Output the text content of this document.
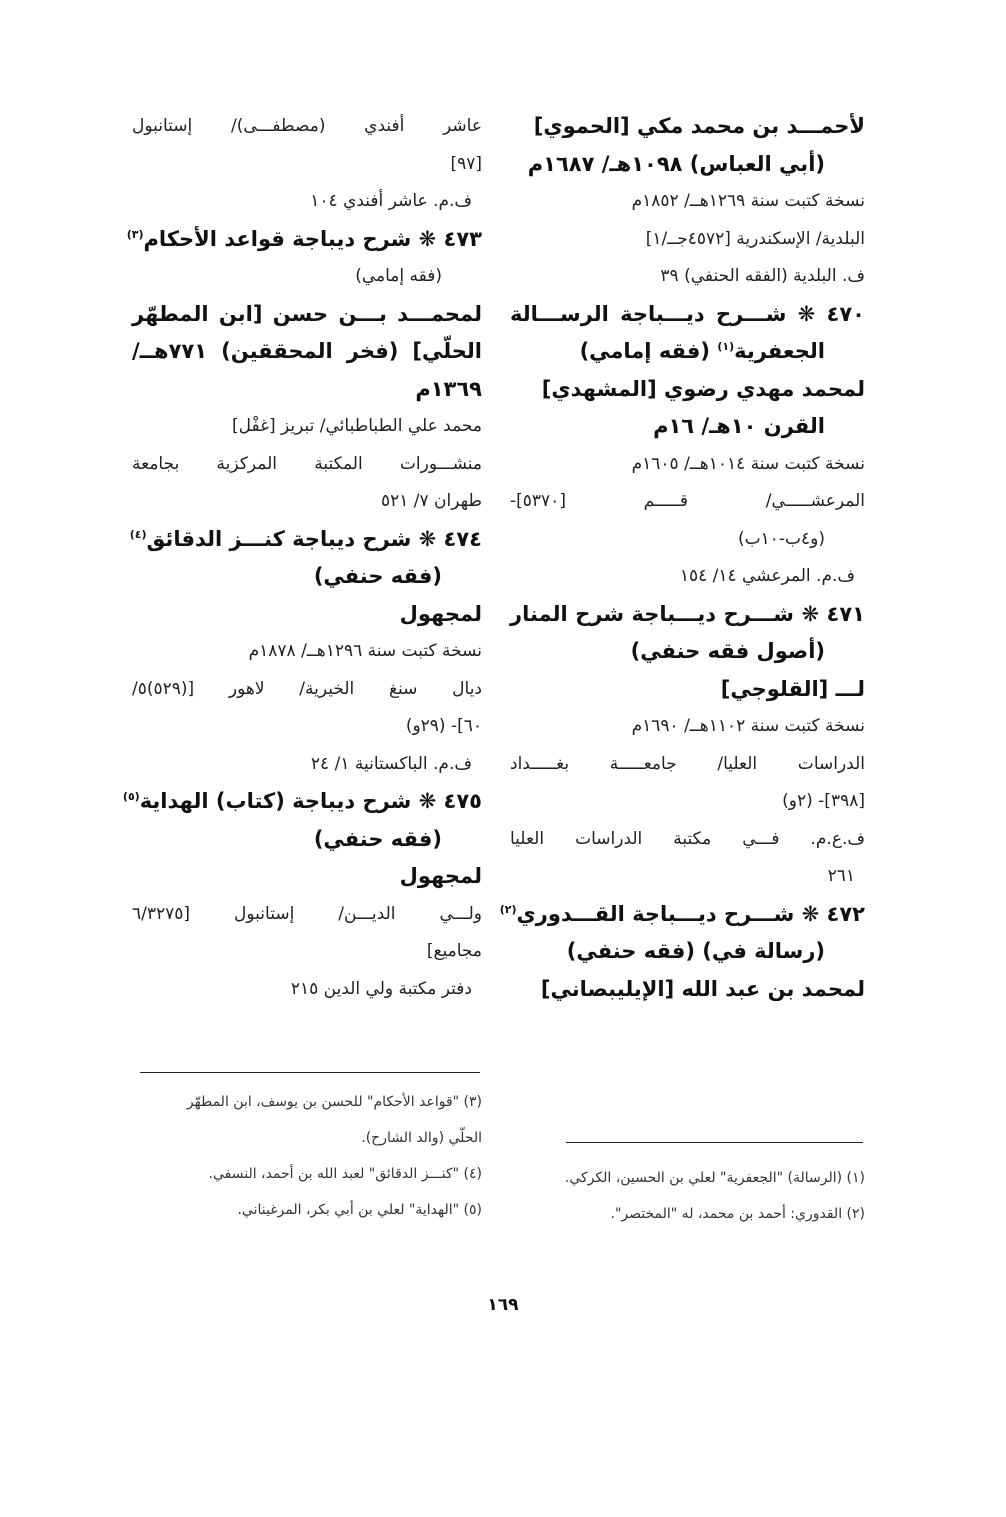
لأحمـــد بن محمد مكي [الحموي]
(أبي العباس) ١٠٩٨هـ/ ١٦٨٧م
نسخة كتبت سنة ١٢٦٩هــ/ ١٨٥٢م
البلدية/ الإسكندرية [٤٥٧٢جــ/١]
ف. البلدية (الفقه الحنفي) ٣٩
٤٧٠ ❋ شـــرح ديـــباجة الرســـالة
الجعفرية$^{(١)}$ (فقه إمامي)
لمحمد مهدي رضوي [المشهدي]
القرن ١٠هـ/ ١٦م
نسخة كتبت سنة ١٠١٤هــ/ ١٦٠٥م
المرعشـــــي/ قـــــم [٥٣٧٠]-
(و٤ب-١٠ب)
ف.م. المرعشي ١٤/ ١٥٤
٤٧١ ❋ شـــرح ديـــباجة شرح المنار
(أصول فقه حنفي)
لـــ [القلوجي]
نسخة كتبت سنة ١١٠٢هــ/ ١٦٩٠م
الدراسات العليا/ جامعـــــة بغـــــداد
[٣٩٨]- (٢و)
ف.ع.م. فـــي مكتبة الدراسات العليا
٢٦١
٤٧٢ ❋ شـــرح ديـــباجة القـــدوري$^{(٢)}$
(رسالة في) (فقه حنفي)
لمحمد بن عبد الله [الإيليبصاني]
عاشر أفندي (مصطفـــى)/ إستانبول
[٩٧]
ف.م. عاشر أفندي ١٠٤
٤٧٣ ❋ شرح ديباجة قواعد الأحكام$^{(٣)}$
(فقه إمامي)
لمحمـــد بـــن حسن [ابن المطهّر
الحلّي] (فخر المحققين) ٧٧١هــ/
١٣٦٩م
محمد علي الطباطبائي/ تبريز [غفْل]
منشـــورات المكتبة المركزية بجامعة
طهران ٧/ ٥٢١
٤٧٤ ❋ شرح ديباجة كنـــز الدقائق$^{(٤)}$
(فقه حنفي)
لمجهول
نسخة كتبت سنة ١٢٩٦هــ/ ١٨٧٨م
ديال سنغ الخيرية/ لاهور [(٥٢٩)٥/
٦٠]- (٢٩و)
ف.م. الباكستانية ١/ ٢٤
٤٧٥ ❋ شرح ديباجة (كتاب) الهداية$^{(٥)}$
(فقه حنفي)
لمجهول
ولـــي الديـــن/ إستانبول [٦/٣٢٧٥
مجاميع]
دفتر مكتبة ولي الدين ٢١٥
(٣) "قواعد الأحكام" للحسن بن يوسف، ابن المطهّر
الحلّي (والد الشارح).
(٤) "كنـــز الدقائق" لعبد الله بن أحمد، النسفي.
(٥) "الهداية" لعلي بن أبي بكر، المرغيناني.
(١) (الرسالة) "الجعفرية" لعلي بن الحسين، الكركي.
(٢) القدوري: أحمد بن محمد، له "المختصر".
١٦٩
